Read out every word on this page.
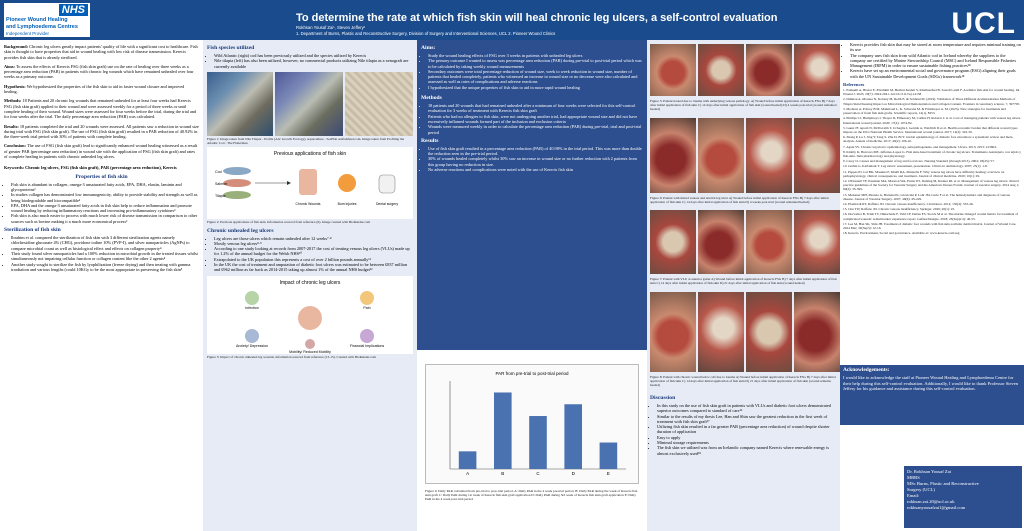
NHS
Pioneer Wound Healing
and Lymphoedema Centres
Independent Provider
To determine the rate at which fish skin will heal chronic leg ulcers, a self-control evaluation
Rokhsan Yousaf Zai¹, Steven Jeffery²
1. Department of Burns, Plastic and Reconstructive Surgery, Division of Surgery and Interventional Sciences, UCL 2. Pioneer Wound Clinics	UCL
Background: Chronic leg ulcers greatly impact patients' quality of life with a significant cost to healthcare. Fish skin is thought to have properties that aid in wound healing with low risk of disease transmission. Kerecis provides fish skin that is already sterilized.
Aims: To assess the effects of Kerecis FSG (fish skin graft) use on the rate of healing over three weeks as a percentage area reduction (PAR) in patients with chronic leg wounds which have remained unhealed over four weeks as a primary outcome.
Hypothesis: We hypothesized the properties of the fish skin to aid in faster wound closure and improved healing.
Methods: 18 Patients and 20 chronic leg wounds that remained unhealed for at least four weeks had Kerecis FSG (fish skin graft) applied to their wound and were assessed weekly for a period of three weeks or until complete healing of their wound. Wound sizes were assessed for four weeks before the trial, during the trial and for four weeks after the trial. The daily percentage area reduction (PAR) was calculated.
Results: 18 patients completed the trial and 20 wounds were assessed. All patients saw a reduction in wound size during trial with FSG (fish skin graft). The use of FSG (fish skin graft) resulted in a PAR reduction of 40.92% in the three-week trial period with 30% of patients with complete healing.
Conclusion: The use of FSG (fish skin graft) lead to significantly enhanced wound healing witnessed as a result of greater PAR (percentage area reduction) in wound site with the application of FSG (fish skin graft) and rates of complete healing in patients with chronic unhealed leg ulcers.
Keywords: Chronic leg ulcers, FSG (fish skin graft), PAR (percentage area reduction), Kerecis
Properties of fish skin
• Fish skin is abundant in collagen, omega-3 unsaturated fatty acids, EPA, DHA, elastin, laminin and glycoproteins¹
• In studies collagen has demonstrated low immunogenicity, ability to provide stability and strength as well as being biodegradable and biocompatible²
• EPA, DHA and the omega-3 unsaturated fatty acids in fish skin help to reduce inflammation and promote wound healing by reducing inflammatory reactions and increasing pro-inflammatory cytokines³
• Fish skin is also much easier to process with much lower risk of disease transmission in comparison to other sources such as bovine making it a much more economical process³
Sterilization of fish skin
• Ibrahim et al. compared the sterilization of fish skin with 3 different sterilization agents namely chlorhexidine gluconate 4% (CHG), povidone iodine 10% (PVP-I), and silver nanoparticles (AgNPs) to compare microbial count as well as histological effect and effects on collagen property⁴
• Their study found silver nanoparticles had a 100% reduction in microbial growth in the treated tissues whilst simultaneously not impairing cellular function or collagen content like the other 2 agents⁴
• Another study sought to sterilize the fish by lyophilization (freeze drying) and then treating with gamma irradiation and various lengths (could 10KGy to be the most appropriate in preserving the fish skin⁵
Fish species utilized
• Wild Atlantic (right) cod has been previously utilized and the species utilized by Kerecis
• Nile tilapia (left) has also been utilized, however, no commercial products utilizing Nile tilapia as a xenograft are currently available
Figure 1: Image taken from Nile Tilapia - Profile (Abc Growth Ecology), Aquaculture - SeaFish seafishfund.com. Image taken from Profiling the Atlantic Cod - The Fisherman
Previous applications of fish skin
Cod
Salmon
Tilapia
Chronic Wounds	Burn injuries	Dental surgery
Figure 2: Previous applications of fish skin. Information sourced from reference (6). Image created with BioRender.com
Chronic unhealed leg ulcers
• Leg ulcers are those ulcers which remain unhealed after 12 weeks⁷·⁸
• Mostly venous leg ulcers⁸·⁹
• According to one study looking at records from 2007-2017 the cost of treating venous leg ulcers (VLUs) made up for 1.2% of the annual budget for the Welsh NHS¹⁰
• Extrapolated to the UK population this represents a cost of over 2 billion pounds annually¹¹
• In the UK the cost of treatment and amputation of diabetic foot ulcers was estimated to be between £837 million and £962 million as far back as 2014-2015 taking up almost 1% of the annual NHS budget¹²
Impact of chronic leg ulcers
Infection	Pain
Anxiety/ Depression	Financial Implications
Mobility/ Reduced Mobility
Figure 3: Impact of chronic unhealed leg wounds, information sourced from reference (13-15). Created with BioRender.com
Aims:
• Study the wound healing effects of FSG over 3 weeks in patients with unhealed leg ulcers
• The primary outcome I wanted to assess was percentage area reduction (PAR) during pre-trial to post-trial period which was to be calculated by taking weekly wound measurements
• Secondary outcomes were total percentage reduction of wound size, week to week reduction in wound size, number of patients that healed completely, patients who witnessed an increase in wound size or no decrease were also calculated and assessed as well as rates of complications and adverse reactions
• I hypothesized that the unique properties of fish skin to aid in more rapid wound healing
Methods
• 18 patients and 20 wounds that had remained unhealed after a minimum of four weeks were selected for this self-control evaluation for 3 weeks of treatment with Kerecis fish skin graft
• Patients who had no allergies to fish skin, were not undergoing another trial, had appropriate wound size and did not have excessively inflamed wounds formed part of the inclusion and exclusion criteria
• Wounds were measured weekly in order to calculate the percentage area reduction (PAR) during pre-trial, trial and post-trial period
Results
• Use of fish skin graft resulted in a percentage area reduction (PAR) of 40.98% in the trial period. This was more than double the reduction seen in the pre-trial period.
• 30% of wounds healed completely whilst 30% saw an increase in wound size or no further reduction with 2 patients from this group having no reduction in size.
• No adverse reactions and complications were noted with the use of Kerecis fish skin
PAR from pre-trial to post-trial period
A	B	C	D	E
Figure 4: Daily PAR calculated from pre-trial to post-trial period. A: Daily PAR in the 4 week pre-trial period. B: Daily PAR during the week of Kerecis fish skin graft C: Daily PAR during 1st week of Kerecis fish skin graft application D: Daily PAR during 3rd week of Kerecis fish skin graft application E: Daily PAR in the 4 week post-trial period
Figure 5: Patient treated due to trauma with underlying venous pathology. A) Wound before initial application of Kerecis FSG B) 7 days after initial application of fish skin C) 14 days after initial application of fish skin (wound healed) D) 4 weeks post-trial (wound remained healed)
Figure 6: Patient with mixed venous and arterial leg ulcer A) Wound before initial application of Kerecis FSG B) 7 days after initial application of fish skin C) 14 days after initial application of fish skin D) 4 weeks post-trial (wound remained healed)
Figure 7: Patient with VLU at anterior gaiter A) Wound before initial application of Kerecis FSG B) 7 days after initial application of fish skin C) 14 days after initial application of fish skin D) 21 days after initial application of fish skin (wound healed)
Figure 8: Patient with chronic wound below calf due to trauma A) Wound before initial application of Kerecis FSG B) 7 days after initial application of fish skin C) 14 days after initial application of fish skin D) 21 days after initial application of fish skin (wound remains healed)
Discussion
• In this study on the use of fish skin graft in patients with VLUs and diabetic foot ulcers demonstrated superior outcomes compared to standard of care¹⁶
• Similar to the results of my thesis Lee, Han and Shin saw the greatest reduction in the first week of treatment with fish skin graft¹⁷
• Utilizing fish skin resulted in a far greater PAR (percentage area reduction) of wound despite shorter duration of application
• Easy to apply
• Minimal storage requirements
• The fish skin we utilized was from an Icelandic company named Kerecis where renewable energy is almost exclusively used¹⁸
• Kerecis provides fish skin that may be stored at room temperature and requires minimal training on its use
• The company uses fish skin from wild Atlantic cod in Iceland whereby the suppliers to the company are certified by Marine Stewardship Council (MSC) and Iceland Responsible Fisheries Management (IRFM) in order to ensure sustainable fishing practices¹⁸
• Kerecis have set up an environmental social and governance program (ESG) aligning their goals with the UN Sustainable Development Goals (SDGs) framework¹⁸
References
1. Esmaeili A, Biazar E, Ebrahimi M, Heidari Keshel S, Kheilnezhad B, Saeedi Landi F. Acellular fish skin for wound healing. Int Wound J. 2023; 20(7): 2924-2941. doi:10.1111/iwj.14158
2. Dinklou A, Moussa N, Kobeny M, Reith E, & Sobhani M. (2019). Validation of Three Different Acellularization Methods of Tilapia Skin Dressing Impact on Microbiological Demonstration and Collagen Content. Frontiers in veterinary science, 7, 397795.
3. Modeste A, Pobrey B M, Mahmoud L, K. Schwanz M. & Fritzmeyer A. M. (2023). New strategies for treatments and preservation of fresh fish skin grafts. Scientific reports, 14(1), 8253.
4. Phillips CJ, Humphreys I, Thayer D, Elmessary M, Collins H, Roberts C et al. Cost of managing patients with venous leg ulcers. International wound journal. 2020; 17(4): 1074-82.
5. Guest JF, Ayoub N, McIlwraith T, Uchegbu I, Gerrish A, Weidlich D et al. Health economic burden that different wound types impose on the UK's National Health Service. International wound journal. 2017; 14(2): 322-30.
6. Zhang P, Lu J, Jing Y, Tang S, Zhu D, Bi Y. Global epidemiology of diabetic foot ulceration: a systematic review and meta-analysis. Annals of medicine. 2017; 49(2): 106-16.
7. Agale SV. Chronic leg ulcers: epidemiology, aetiopathogenesis, and management. Ulcers. 2013; 2013: 413604.
8. Kirkby K, Burrows ME, Jefferies-Lopez G. Fish skin-based treatment of chronic leg ulcers. Tratamiento Autoinjerto con tejido y fish-skin. Skin pharmacology and physiology.
9. Carey O. Causes and management of leg and foot ulcers. Nursing Standard (through 2013). 2004; 18(45): 57.
10. Gethin G, Karlsmark T. Leg ulcers: assessment, presentation. Clinics in dermatology. 2007; 25(1): 1-8.
11. Pappas PJ, Lal BK, Masakia F, Khalil RA, Manzella F. Why venous leg ulcers have difficulty healing: overview on pathophysiology, clinical consequences, and treatment. Journal of clinical medicine. 2020; 10(1): 29.
12. O'Donnell TF, Passman MA, Marston WA, Ennis WJ, Dalsing M, Kistner RL et al. Management of venous leg ulcers: clinical practice guidelines of the Society for Vascular Surgery and the American Venous Forum. Journal of vascular surgery. 2014 Aug 1; 60(2): 3S-59S.
13. Meissner MH, Moneta G, Burnand K, Gloviczki P, Lohr JM, Lurie F et al. The hemodynamics and diagnosis of venous disease. Journal of Vascular Surgery. 2007; 46(6): 4S-24S.
14. Eberhardt RT, Raffetto JD. Chronic venous insufficiency. Circulation. 2014; 130(4): 333-46.
15. Chu TW, Raffetto JD. Chronic venous insufficiency. Springer. 2020; 26(1): 25.
16. Dorweiler B, Trinh TT, Dünschede F, Vahl CF, Debus ES, Storck M et al. The marine Omega3 wound matrix for treatment of complicated wounds: A multicenter experience report. Gefässchirurgie. 2018; 23(Suppl 2): 46-55.
17. Lee M, Han SK, Shin JH. Treatment of diabetic foot wounds with fish skin acellular dermal matrix. Journal of Wound Care. 2024 Mar; 32(Sup3): 12-16.
18. Kerecis. Environment, Social and governance. Available at: www.kerecis.com/esg
Acknowledgements:
I would like to acknowledge the staff at Pioneer Wound Healing and Lymphoedema Centre for their help during this self-control evaluation. Additionally, I would like to thank Professor Steven Jeffery for his guidance and assistance during this self-control evaluation.
Dr. Rokhsan Yousaf Zai
MBBS
MSc Burns, Plastic and Reconstructive
Surgery (UCL)
Email:
rokhsan.zai.20@ucl.ac.uk
rokhsanyousafzai1@gmail.com
